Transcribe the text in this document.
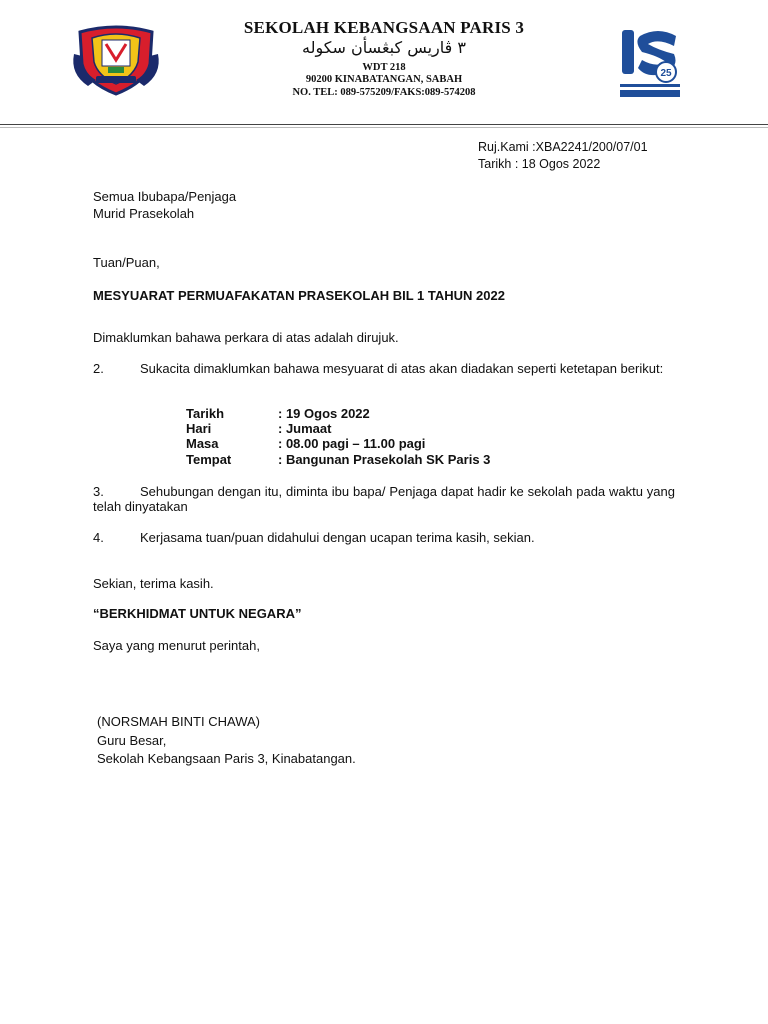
SEKOLAH KEBANGSAAN PARIS 3
٣ ڤاريس كبڠسأن سكوله
WDT 218
90200 KINABATANGAN, SABAH
NO. TEL: 089-575209/FAKS:089-574208
25
Ruj.Kami :XBA2241/200/07/01
Tarikh : 18 Ogos 2022
Semua Ibubapa/Penjaga
Murid Prasekolah
Tuan/Puan,
MESYUARAT PERMUAFAKATAN PRASEKOLAH BIL 1 TAHUN 2022
Dimaklumkan bahawa perkara di atas adalah dirujuk.
2.	Sukacita dimaklumkan bahawa mesyuarat di atas akan diadakan seperti ketetapan berikut:
Tarikh	: 19 Ogos 2022
Hari	: Jumaat
Masa	: 08.00 pagi – 11.00 pagi
Tempat	: Bangunan Prasekolah SK Paris 3
3.	Sehubungan dengan itu, diminta ibu bapa/ Penjaga dapat hadir ke sekolah pada waktu yang telah dinyatakan
4.	Kerjasama tuan/puan didahului dengan ucapan terima kasih, sekian.
Sekian, terima kasih.
“BERKHIDMAT UNTUK NEGARA”
Saya yang menurut perintah,
(NORSMAH BINTI CHAWA)
Guru Besar,
Sekolah Kebangsaan Paris 3, Kinabatangan.
